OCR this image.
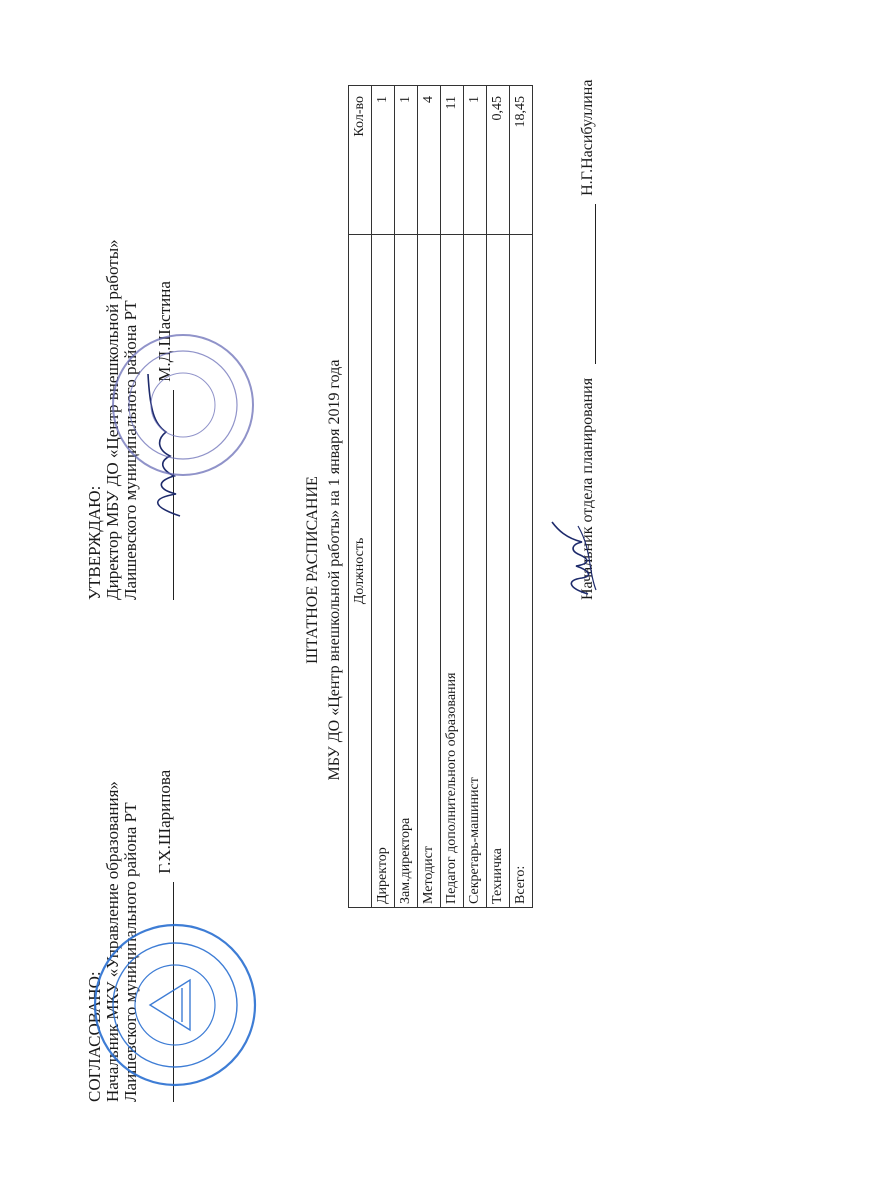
УТВЕРЖДАЮ: Директор МБУ ДО «Центр внешкольной работы» Лаишевского муниципального района РТ М.Д.Шастина
СОГЛАСОВАНО: Начальник МКУ «Управление образования» Лаишевского муниципального района РТ Г.Х.Шарипова
ШТАТНОЕ РАСПИСАНИЕ МБУ ДО «Центр внешкольной работы» на 1 января 2019 года Должность	Кол-во
Директор	1
Зам.директора	1
Методист	4
Педагог дополнительного образования	11
Секретарь-машинист	1
Техничка	0,45
Всего:	18,45
Начальник отдела планирования  Н.Г.Насибуллина
